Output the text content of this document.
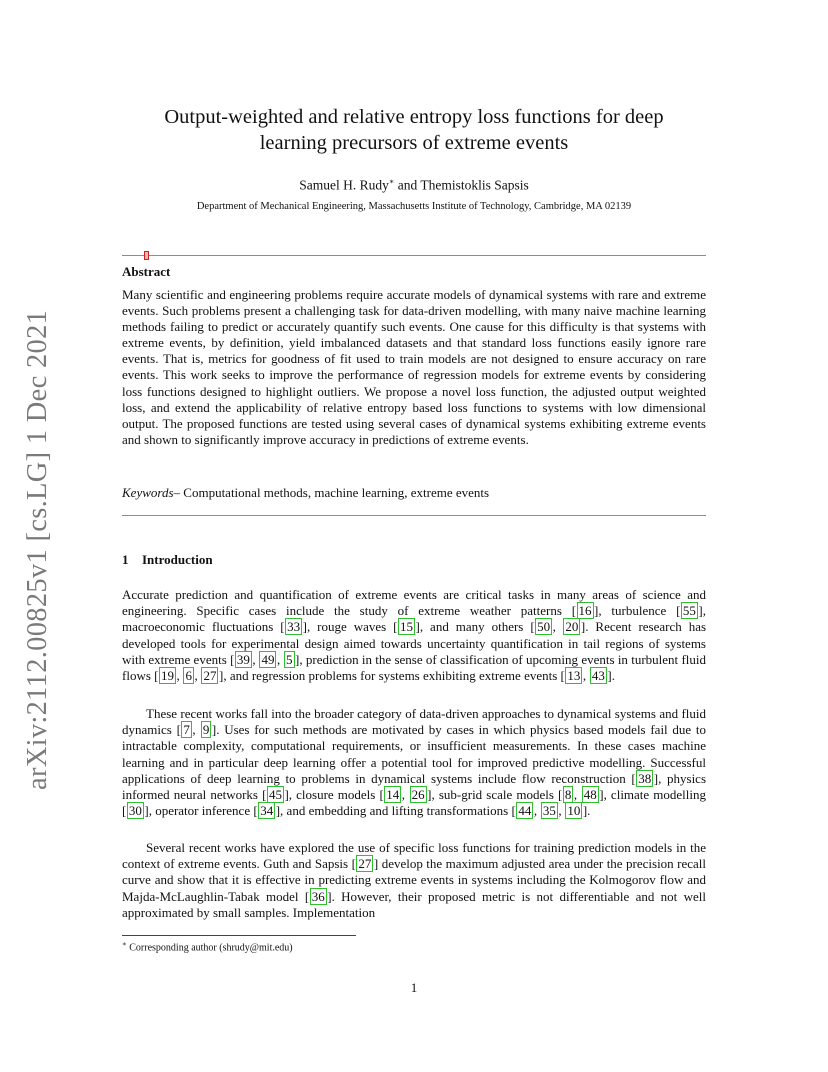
arXiv:2112.00825v1 [cs.LG] 1 Dec 2021
Output-weighted and relative entropy loss functions for deep
learning precursors of extreme events
Samuel H. Rudy∗ and Themistoklis Sapsis
Department of Mechanical Engineering, Massachusetts Institute of Technology, Cambridge, MA 02139
Abstract
Many scientific and engineering problems require accurate models of dynamical systems with rare and extreme events. Such problems present a challenging task for data-driven modelling, with many naive machine learning methods failing to predict or accurately quantify such events. One cause for this difficulty is that systems with extreme events, by definition, yield imbalanced datasets and that standard loss functions easily ignore rare events. That is, metrics for goodness of fit used to train models are not designed to ensure accuracy on rare events. This work seeks to improve the performance of regression models for extreme events by considering loss functions designed to highlight outliers. We propose a novel loss function, the adjusted output weighted loss, and extend the applicability of relative entropy based loss functions to systems with low dimensional output. The proposed functions are tested using several cases of dynamical systems exhibiting extreme events and shown to significantly improve accuracy in predictions of extreme events.
Keywords– Computational methods, machine learning, extreme events
1 Introduction
Accurate prediction and quantification of extreme events are critical tasks in many areas of science and engineering. Specific cases include the study of extreme weather patterns [ 16 ], turbulence [ 55 ], macroeconomic fluctuations [ 33 ], rouge waves [ 15 ], and many others [ 50 , 20 ]. Recent research has developed tools for experimental design aimed towards uncertainty quantification in tail regions of systems with extreme events [ 39 , 49 , 5 ], prediction in the sense of classification of upcoming events in turbulent fluid flows [ 19 , 6 , 27 ], and regression problems for systems exhibiting extreme events [ 13 , 43 ].
These recent works fall into the broader category of data-driven approaches to dynamical systems and fluid dynamics [ 7 , 9 ]. Uses for such methods are motivated by cases in which physics based models fail due to intractable complexity, computational requirements, or insufficient measurements. In these cases machine learning and in particular deep learning offer a potential tool for improved predictive modelling. Successful applications of deep learning to problems in dynamical systems include flow reconstruction [ 38 ], physics informed neural networks [ 45 ], closure models [ 14 , 26 ], sub-grid scale models [ 8 , 48 ], climate modelling [ 30 ], operator inference [ 34 ], and embedding and lifting transformations [ 44 , 35 , 10 ].
Several recent works have explored the use of specific loss functions for training prediction models in the context of extreme events. Guth and Sapsis [ 27 ] develop the maximum adjusted area under the precision recall curve and show that it is effective in predicting extreme events in systems including the Kolmogorov flow and Majda-McLaughlin-Tabak model [ 36 ]. However, their proposed metric is not differentiable and not well approximated by small samples. Implementation
∗ Corresponding author (shrudy@mit.edu)
1
